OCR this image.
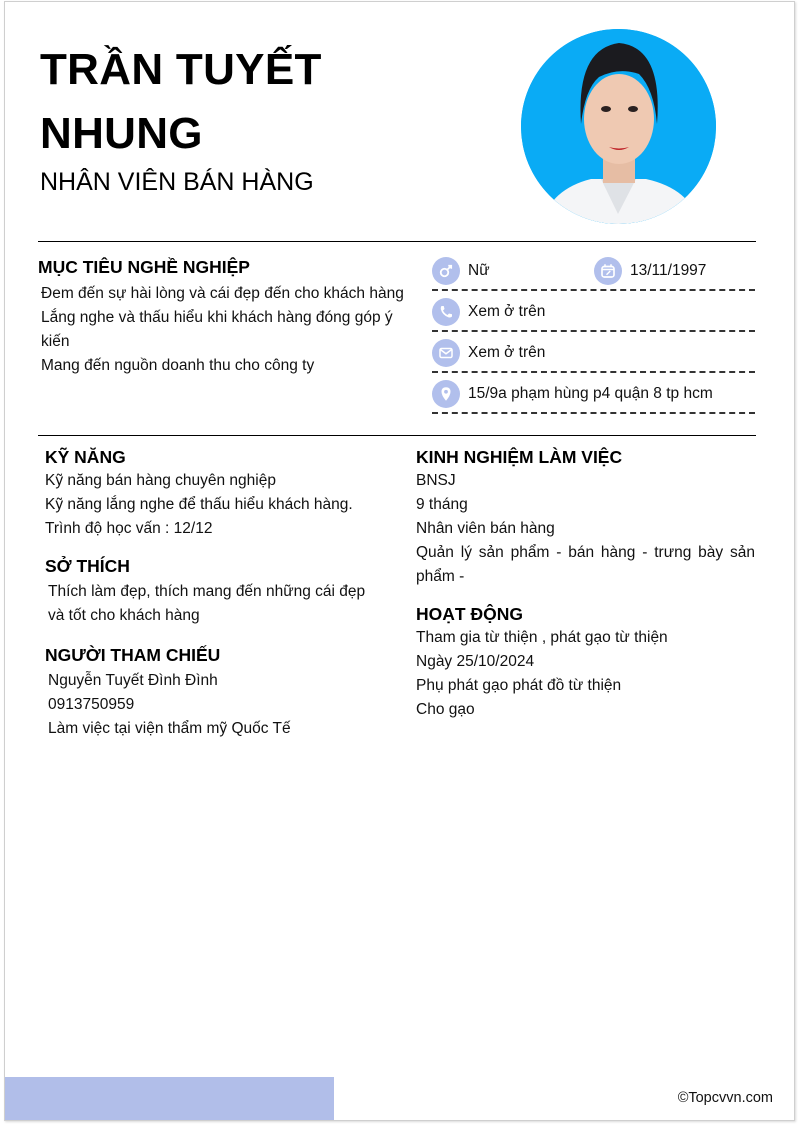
TRẦN TUYẾT
NHUNG
NHÂN VIÊN BÁN HÀNG
MỤC TIÊU NGHỀ NGHIỆP
Đem đến sự hài lòng và cái đẹp đến cho khách hàng
Lắng nghe và thấu hiểu khi khách hàng đóng góp ý
kiến
Mang đến nguồn doanh thu cho công ty
Nữ	13/11/1997
Xem ở trên
Xem ở trên
15/9a phạm hùng p4 quận 8 tp hcm
KỸ NĂNG
Kỹ năng bán hàng chuyên nghiệp
Kỹ năng lắng nghe để thấu hiểu khách hàng.
Trình độ học vấn : 12/12
SỞ THÍCH
Thích làm đẹp, thích mang đến những cái đẹp
và tốt cho khách hàng
NGƯỜI THAM CHIẾU
Nguyễn Tuyết Đình Đình
0913750959
Làm việc tại viện thẩm mỹ Quốc Tế
KINH NGHIỆM LÀM VIỆC
BNSJ
9 tháng
Nhân viên bán hàng
Quản lý sản phẩm - bán hàng - trưng bày sản phẩm -
HOẠT ĐỘNG
Tham gia từ thiện , phát gạo từ thiện
Ngày 25/10/2024
Phụ phát gạo phát đồ từ thiện
Cho gạo
©Topcvvn.com
